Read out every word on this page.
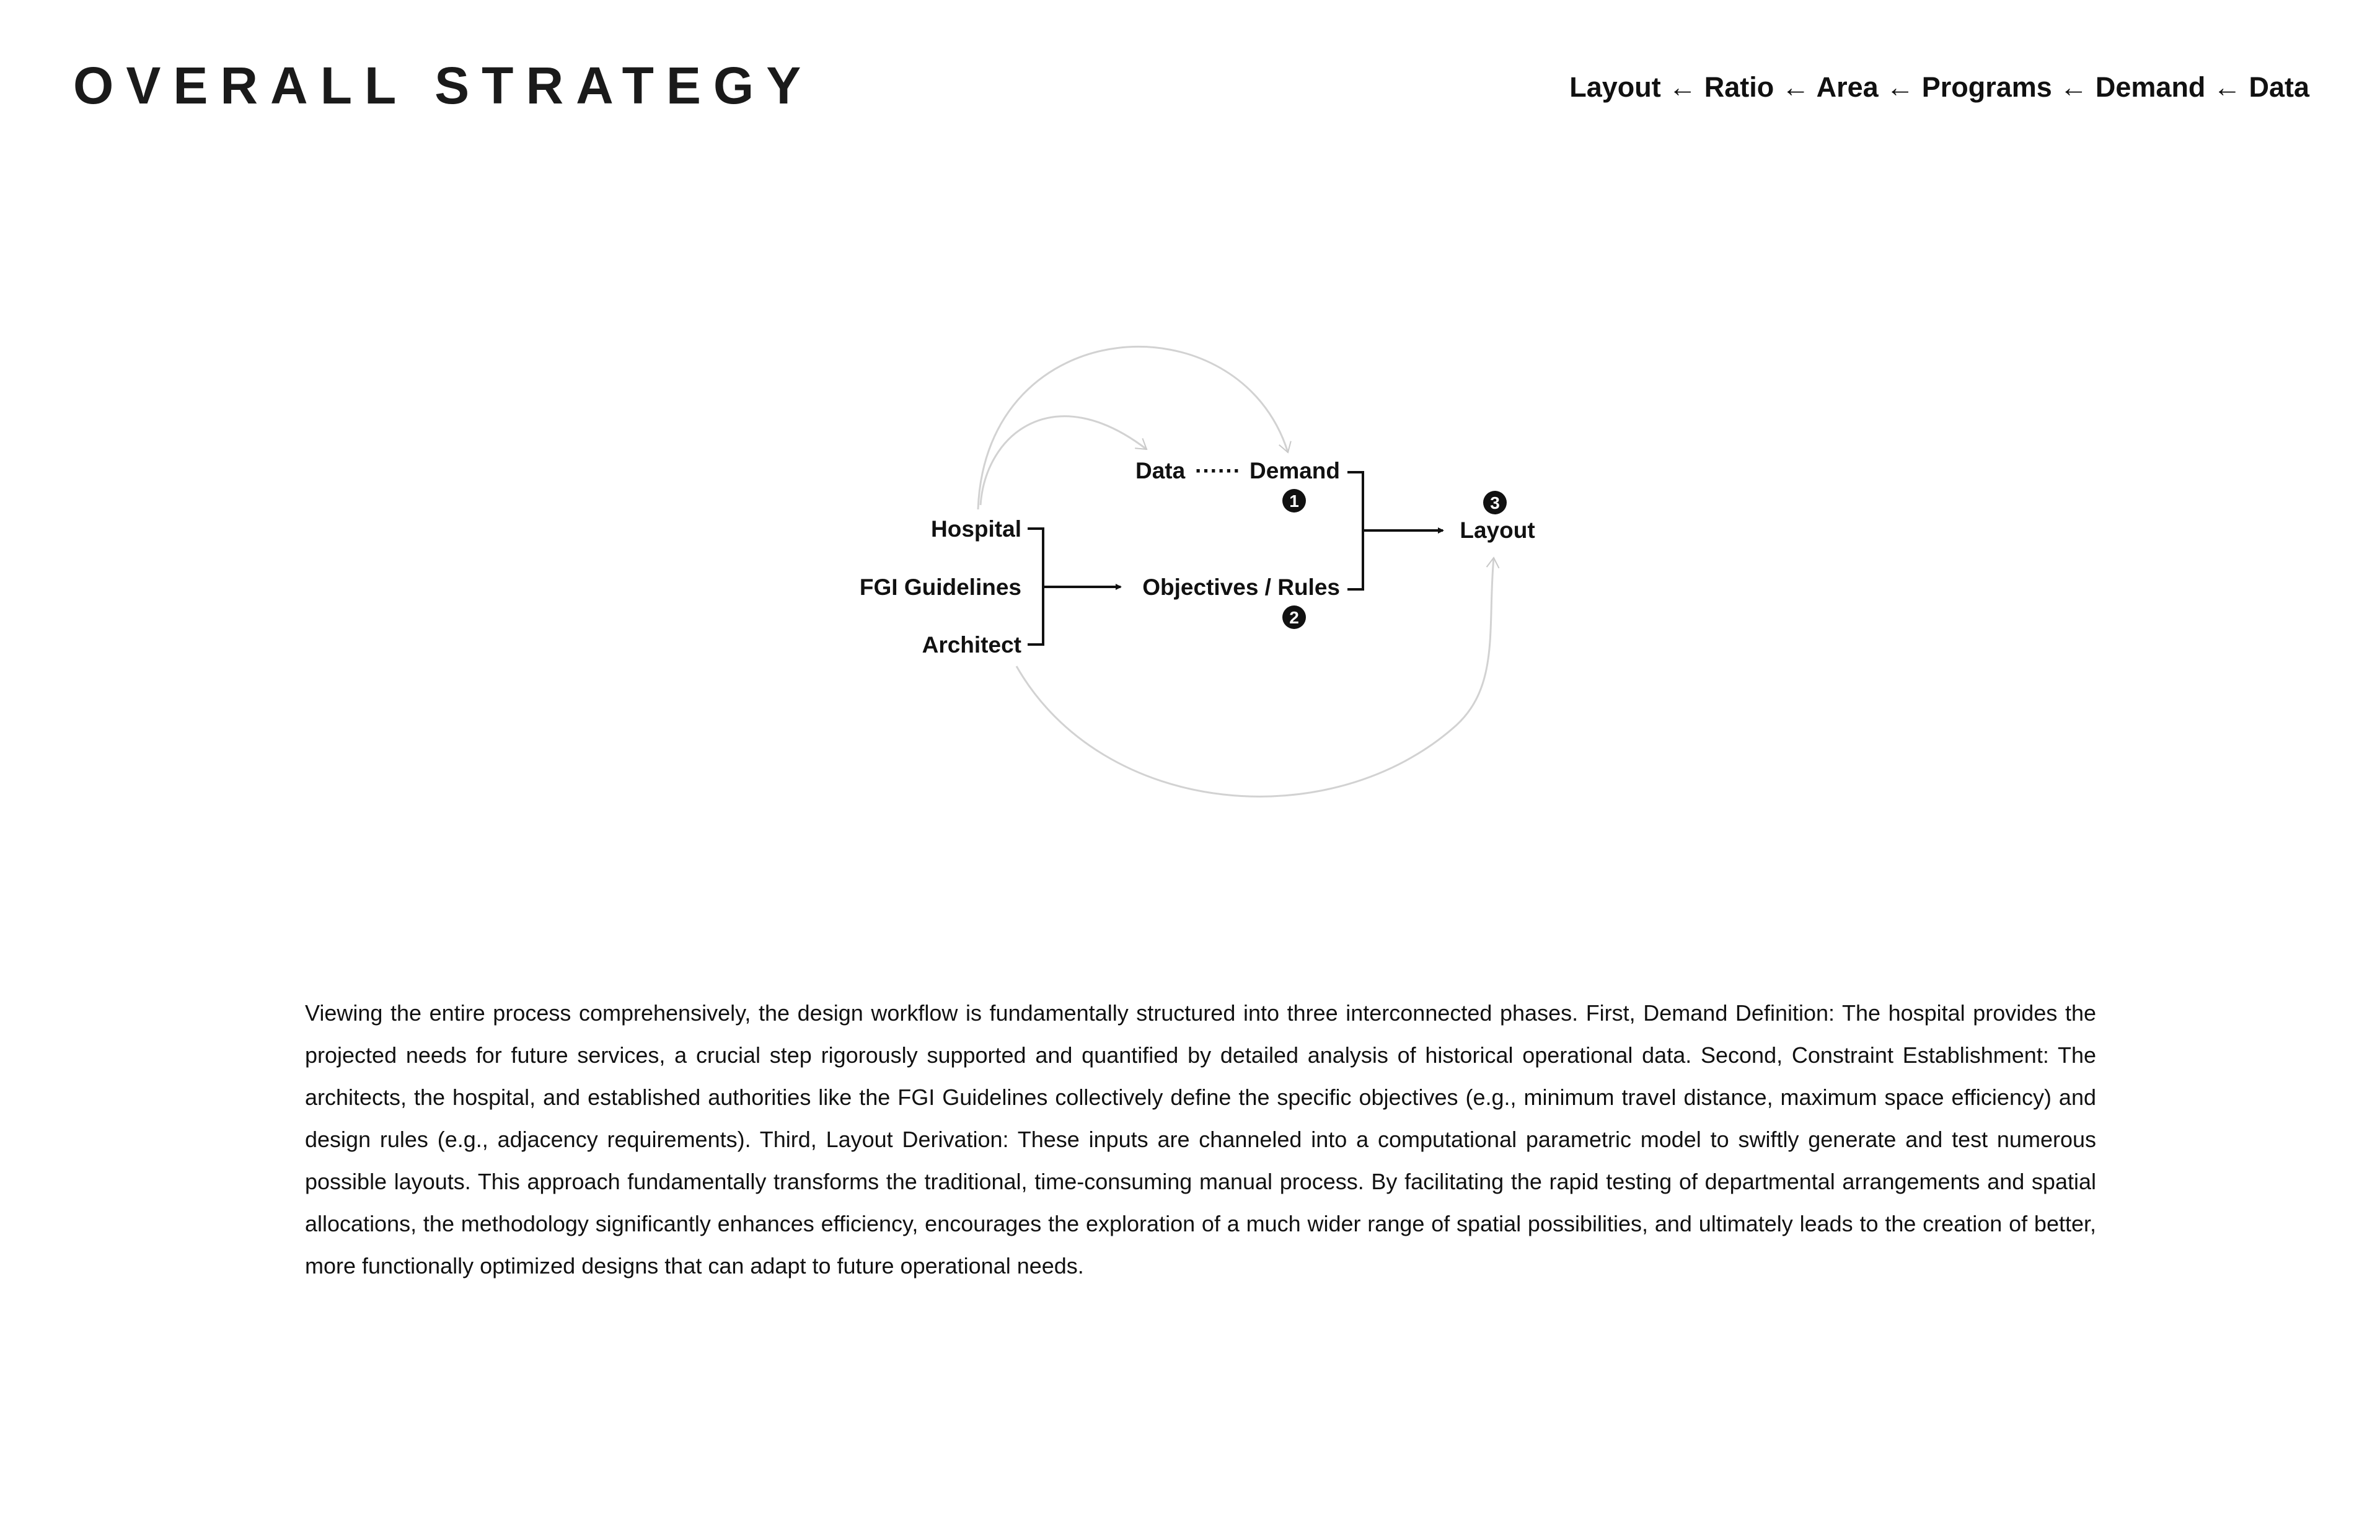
OVERALL STRATEGY	Layout ← Ratio ← Area ← Programs ← Demand ← Data
Hospital
FGI Guidelines
Architect
Data ······ Demand
1
Objectives / Rules
2
3
Layout

Viewing the entire process comprehensively, the design workflow is fundamentally structured into three interconnected phases. First, Demand Definition: The hospital provides the projected needs for future services, a crucial step rigorously supported and quantified by detailed analysis of historical operational data. Second, Constraint Establishment: The architects, the hospital, and established authorities like the FGI Guidelines collectively define the specific objectives (e.g., minimum travel distance, maximum space efficiency) and design rules (e.g., adjacency requirements). Third, Layout Derivation: These inputs are channeled into a computational parametric model to swiftly generate and test numerous possible layouts. This approach fundamentally transforms the traditional, time-consuming manual process. By facilitating the rapid testing of departmental arrangements and spatial allocations, the methodology significantly enhances efficiency, encourages the exploration of a much wider range of spatial possibilities, and ultimately leads to the creation of better, more functionally optimized designs that can adapt to future operational needs.
